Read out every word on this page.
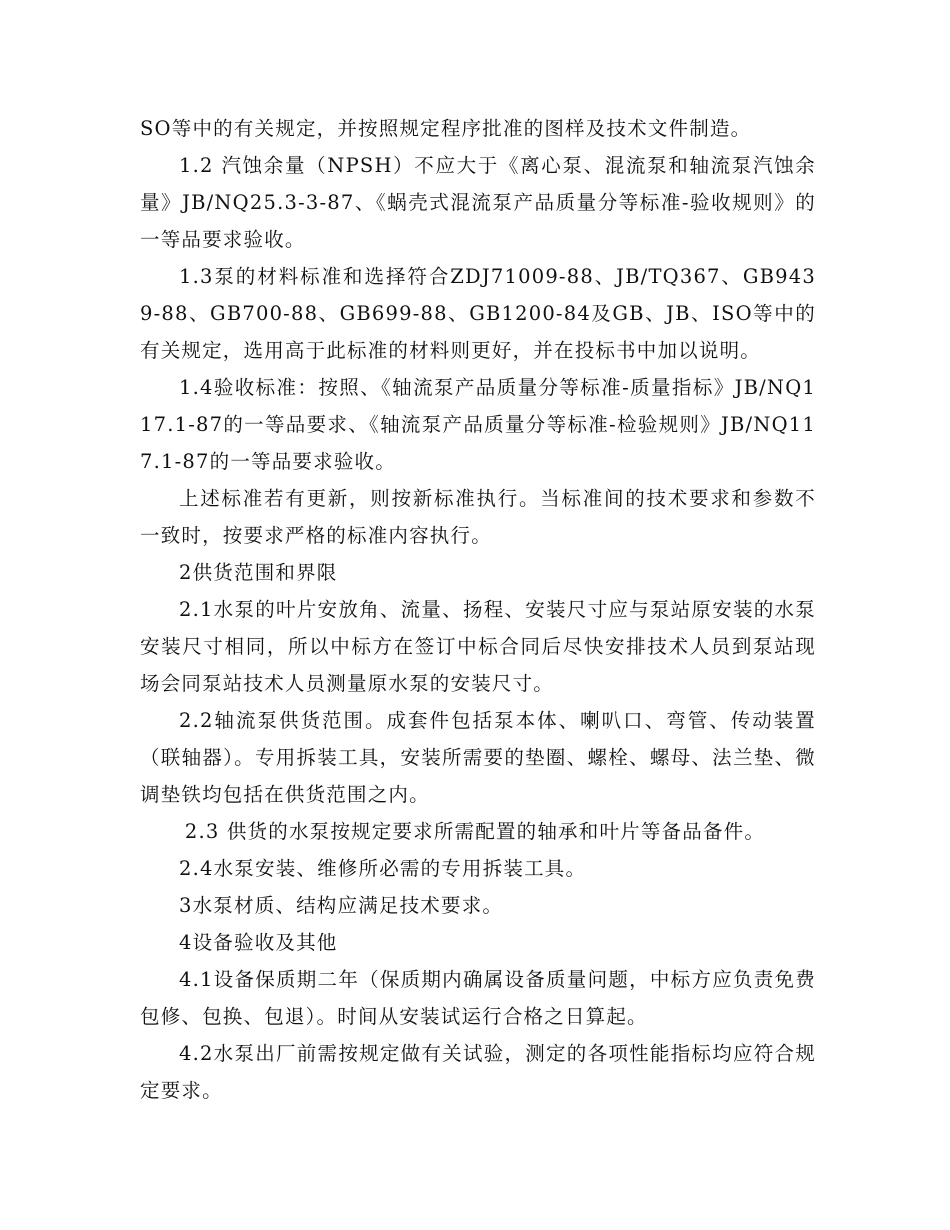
SO等中的有关规定，并按照规定程序批准的图样及技术文件制造。

1.2 汽蚀余量（NPSH）不应大于《离心泵、混流泵和轴流泵汽蚀余量》JB/NQ25.3-3-87、《蜗壳式混流泵产品质量分等标准-验收规则》的一等品要求验收。

1.3泵的材料标准和选择符合ZDJ71009-88、JB/TQ367、GB9439-88、GB700-88、GB699-88、GB1200-84及GB、JB、ISO等中的有关规定，选用高于此标准的材料则更好，并在投标书中加以说明。

1.4验收标准：按照、《轴流泵产品质量分等标准-质量指标》JB/NQ117.1-87的一等品要求、《轴流泵产品质量分等标准-检验规则》JB/NQ117.1-87的一等品要求验收。

上述标准若有更新，则按新标准执行。当标准间的技术要求和参数不一致时，按要求严格的标准内容执行。

2供货范围和界限

2.1水泵的叶片安放角、流量、扬程、安装尺寸应与泵站原安装的水泵安装尺寸相同，所以中标方在签订中标合同后尽快安排技术人员到泵站现场会同泵站技术人员测量原水泵的安装尺寸。

2.2轴流泵供货范围。成套件包括泵本体、喇叭口、弯管、传动装置（联轴器）。专用拆装工具，安装所需要的垫圈、螺栓、螺母、法兰垫、微调垫铁均包括在供货范围之内。

2.3 供货的水泵按规定要求所需配置的轴承和叶片等备品备件。

2.4水泵安装、维修所必需的专用拆装工具。

3水泵材质、结构应满足技术要求。

4设备验收及其他

4.1设备保质期二年（保质期内确属设备质量问题，中标方应负责免费包修、包换、包退）。时间从安装试运行合格之日算起。

4.2水泵出厂前需按规定做有关试验，测定的各项性能指标均应符合规定要求。
